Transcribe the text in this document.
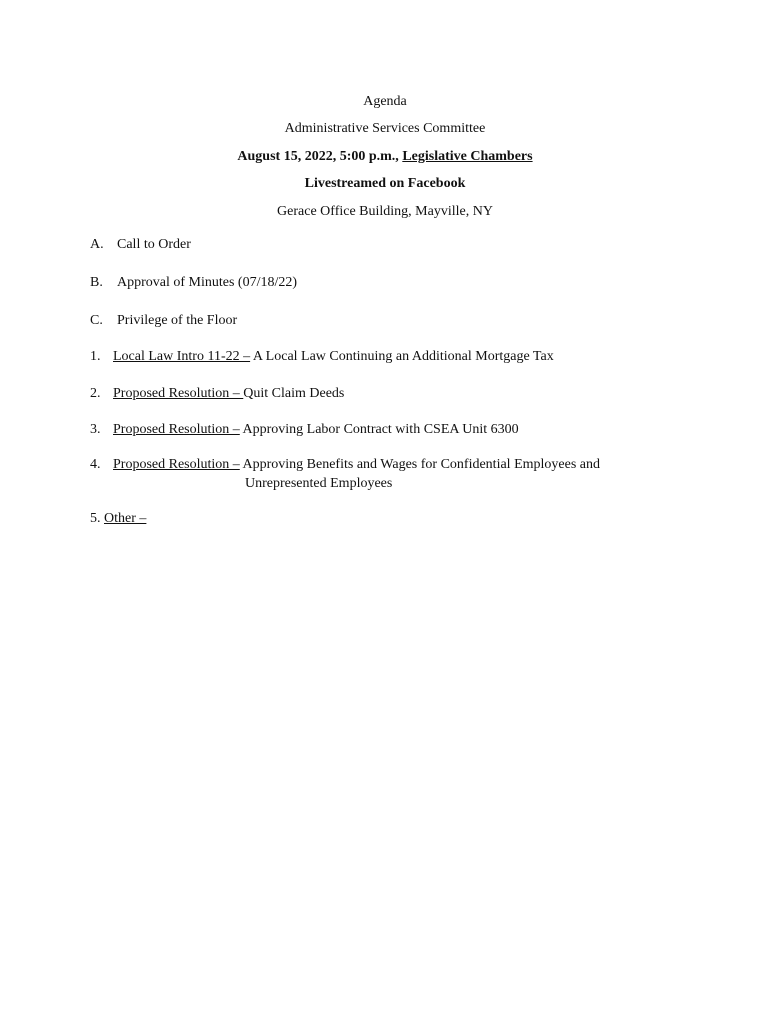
Agenda
Administrative Services Committee
August 15, 2022, 5:00 p.m., Legislative Chambers
Livestreamed on Facebook
Gerace Office Building, Mayville, NY
A. Call to Order
B. Approval of Minutes (07/18/22)
C. Privilege of the Floor
1. Local Law Intro 11-22 – A Local Law Continuing an Additional Mortgage Tax
2. Proposed Resolution – Quit Claim Deeds
3. Proposed Resolution – Approving Labor Contract with CSEA Unit 6300
4. Proposed Resolution – Approving Benefits and Wages for Confidential Employees and
Unrepresented Employees
5. Other –
